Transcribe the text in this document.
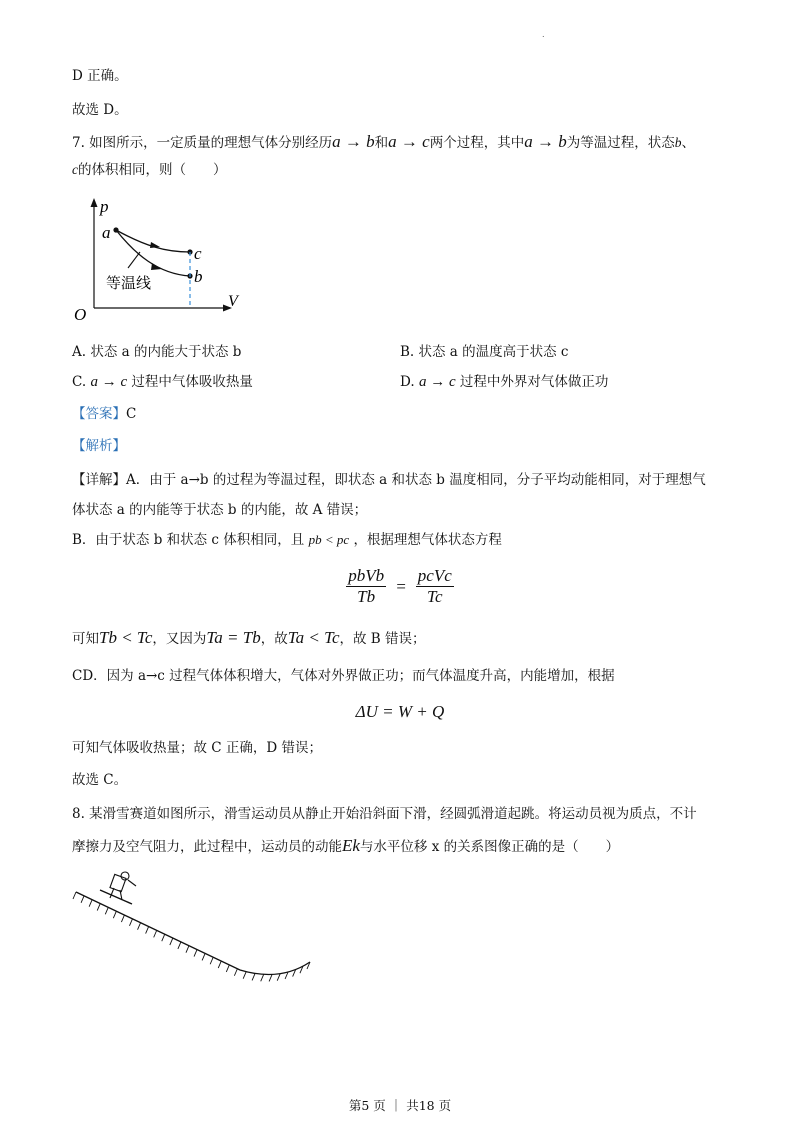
.
D 正确。
故选 D。
7. 如图所示，一定质量的理想气体分别经历a → b和a → c两个过程，其中a → b为等温过程，状态b、
c的体积相同，则（　　）
p
V
O
a
c
b
等温线
A. 状态 a 的内能大于状态 b	B. 状态 a 的温度高于状态 c
C. a → c 过程中气体吸收热量	D. a → c 过程中外界对气体做正功
【答案】C
【解析】
【详解】A．由于 a→b 的过程为等温过程，即状态 a 和状态 b 温度相同，分子平均动能相同，对于理想气
体状态 a 的内能等于状态 b 的内能，故 A 错误；
B．由于状态 b 和状态 c 体积相同，且 pb < pc ，根据理想气体状态方程
$\frac{\text{pbVb}}{Tb} = \frac{\text{pcVc}}{Tc}$
可知Tb < Tc，又因为Ta = Tb，故Ta < Tc，故 B 错误；
CD．因为 a→c 过程气体体积增大，气体对外界做正功；而气体温度升高，内能增加，根据
ΔU = W + Q
可知气体吸收热量；故 C 正确，D 错误；
故选 C。
8. 某滑雪赛道如图所示，滑雪运动员从静止开始沿斜面下滑，经圆弧滑道起跳。将运动员视为质点，不计
摩擦力及空气阻力，此过程中，运动员的动能Ek与水平位移 x 的关系图像正确的是（　　）
第5 页 ｜ 共18 页
